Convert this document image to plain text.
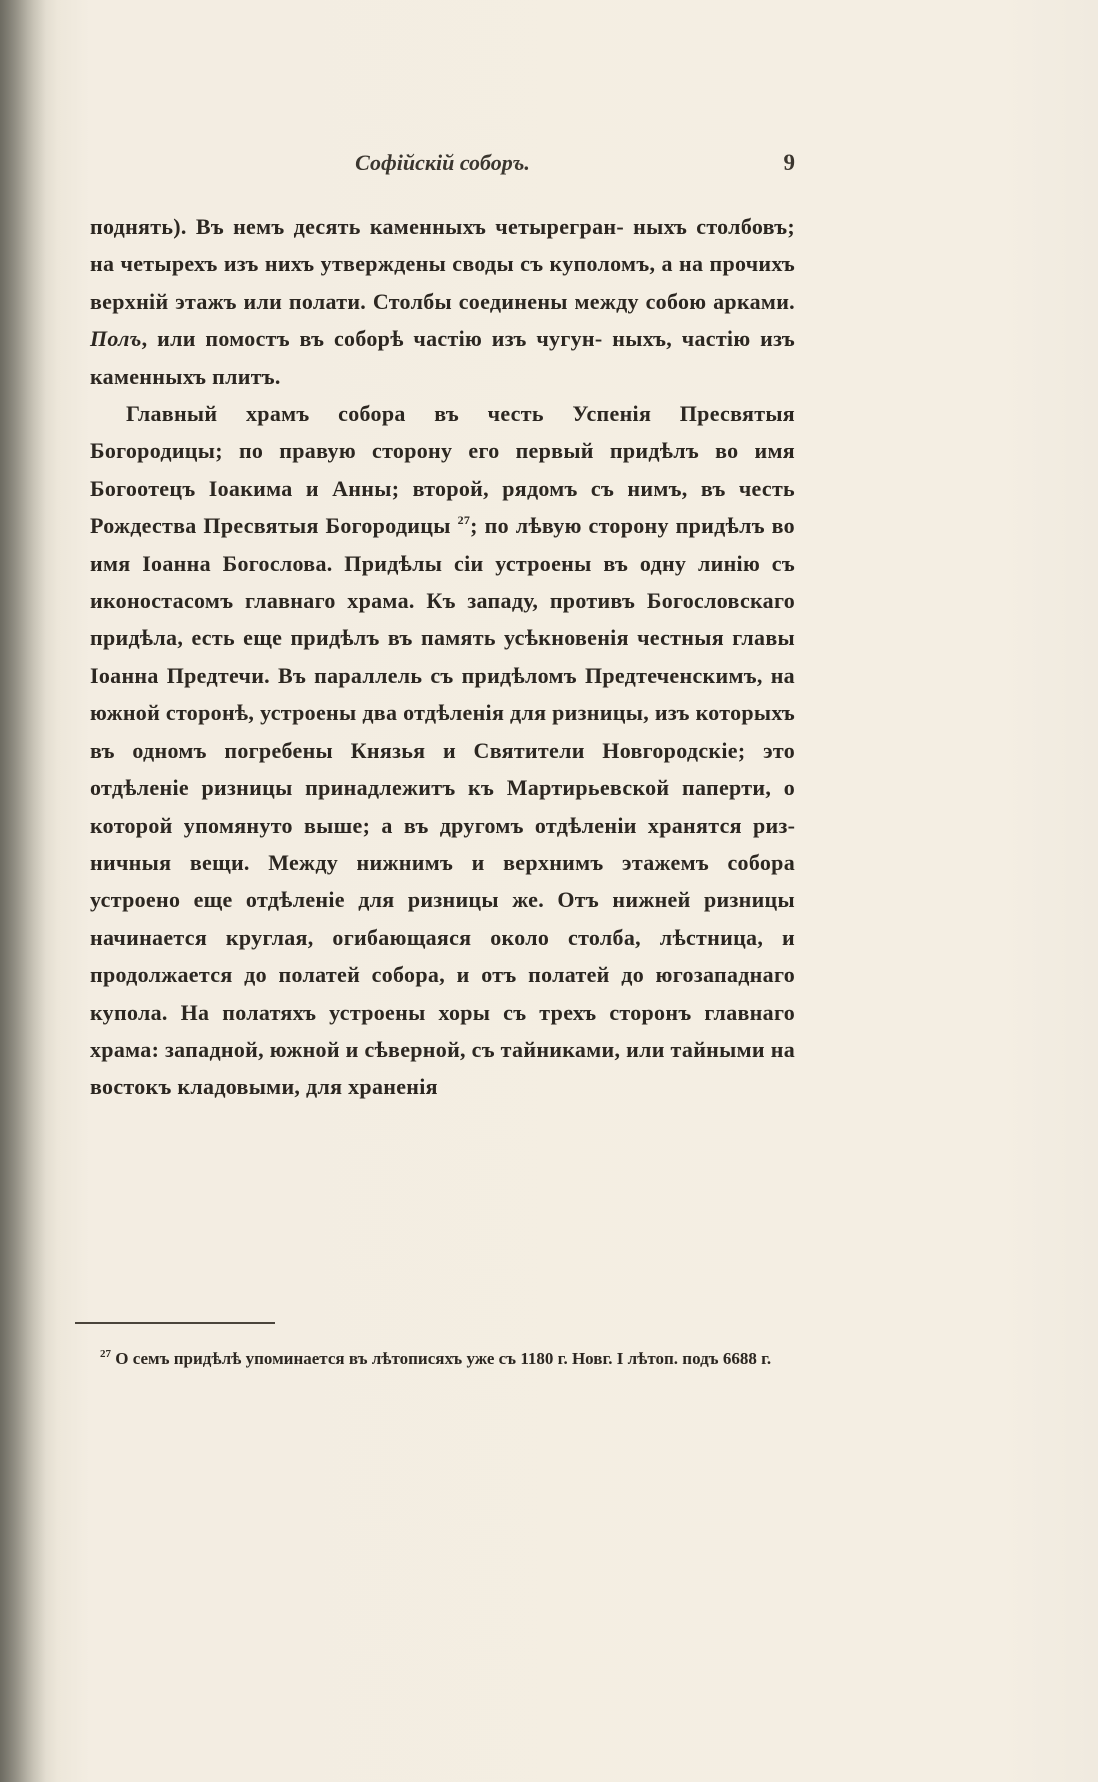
Софійскій соборъ.	9

поднять). Въ немъ десять каменныхъ четырегран- ныхъ столбовъ; на четырехъ изъ нихъ утверждены своды съ куполомъ, а на прочихъ верхній этажъ или полати. Столбы соединены между собою арками. Полъ, или помостъ въ соборѣ частію изъ чугун- ныхъ, частію изъ каменныхъ плитъ.

Главный храмъ собора въ честь Успенія Пресвятыя Богородицы; по правую сторону его первый придѣлъ во имя Богоотецъ Іоакима и Анны; второй, рядомъ съ нимъ, въ честь Рождества Пресвятыя Богородицы $^{27}$; по лѣвую сторону придѣлъ во имя Іоанна Богослова. Придѣлы сіи устроены въ одну линію съ иконостасомъ главнаго храма. Къ западу, противъ Богословскаго придѣла, есть еще придѣлъ въ память усѣкновенія честныя главы Іоанна Предтечи. Въ параллель съ придѣломъ Предтеченскимъ, на южной сторонѣ, устроены два отдѣленія для ризницы, изъ которыхъ въ одномъ погребены Князья и Святители Новгородскіе; это отдѣленіе ризницы принадлежитъ къ Мартирьевской паперти, о которой упомянуто выше; а въ другомъ отдѣленіи хранятся ризничныя вещи. Между нижнимъ и верхнимъ этажемъ собора устроено еще отдѣленіе для ризницы же. Отъ нижней ризницы начинается круглая, огибающаяся около столба, лѣстница, и продолжается до полатей собора, и отъ полатей до югозападнаго купола. На полатяхъ устроены хоры съ трехъ сторонъ главнаго храма: западной, южной и сѣверной, съ тайниками, или тайными на востокъ кладовыми, для храненія

$^{27}$ О семъ придѣлѣ упоминается въ лѣтописяхъ уже съ 1180 г. Новг. I лѣтоп. подъ 6688 г.
